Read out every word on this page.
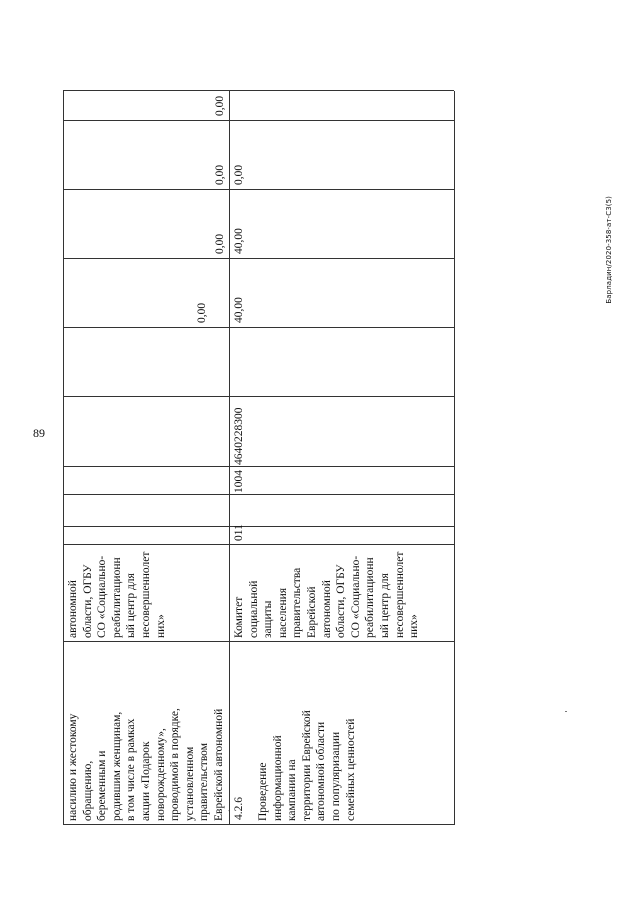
89
Барладин/2020-358-ат-С3(5)
насилию и жестокому
обращению,
беременным и
родившим женщинам,
в том числе в рамках
акции «Подарок
новорожденному»,
проводимой в порядке,
установленном
правительством
Еврейской автономной

автономной
области, ОГБУ
СО «Социально-
реабилитационн
ый центр для
несовершеннолет
них»
0,00
0,00
0,00
0,00
Комитет
социальной
защиты
населения
правительства
Еврейской
автономной
области, ОГБУ
СО «Социально-
реабилитационн
ый центр для
несовершеннолет
них»
011
1004
4640228300
40,00
40,00
0,00
4.2.6	Проведение
информационной
кампании на
территории Еврейской
автономной области
по популяризации
семейных ценностей
